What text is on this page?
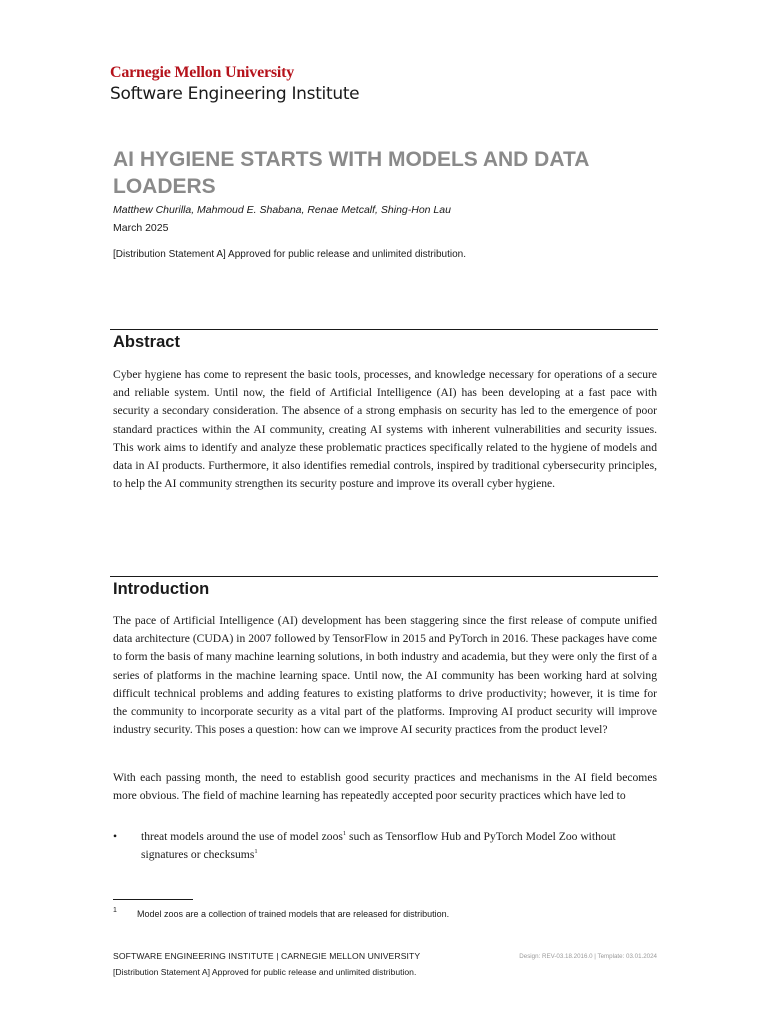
Carnegie Mellon University
Software Engineering Institute
AI HYGIENE STARTS WITH MODELS AND DATA LOADERS
Matthew Churilla, Mahmoud E. Shabana, Renae Metcalf, Shing-Hon Lau
March 2025
[Distribution Statement A] Approved for public release and unlimited distribution.
Abstract

Cyber hygiene has come to represent the basic tools, processes, and knowledge necessary for operations of a secure and reliable system. Until now, the field of Artificial Intelligence (AI) has been developing at a fast pace with security a secondary consideration. The absence of a strong emphasis on security has led to the emergence of poor standard practices within the AI community, creating AI systems with inherent vulnerabilities and security issues. This work aims to identify and analyze these problematic practices specifically related to the hygiene of models and data in AI products. Furthermore, it also identifies remedial controls, inspired by traditional cybersecurity principles, to help the AI community strengthen its security posture and improve its overall cyber hygiene.

Introduction

The pace of Artificial Intelligence (AI) development has been staggering since the first release of compute unified data architecture (CUDA) in 2007 followed by TensorFlow in 2015 and PyTorch in 2016. These packages have come to form the basis of many machine learning solutions, in both industry and academia, but they were only the first of a series of platforms in the machine learning space. Until now, the AI community has been working hard at solving difficult technical problems and adding features to existing platforms to drive productivity; however, it is time for the community to incorporate security as a vital part of the platforms. Improving AI product security will improve industry security. This poses a question: how can we improve AI security practices from the product level?

With each passing month, the need to establish good security practices and mechanisms in the AI field becomes more obvious. The field of machine learning has repeatedly accepted poor security practices which have led to

• threat models around the use of model zoos$^1$ such as Tensorflow Hub and PyTorch Model Zoo without signatures or checksums$^1$
1 Model zoos are a collection of trained models that are released for distribution.
SOFTWARE ENGINEERING INSTITUTE | CARNEGIE MELLON UNIVERSITY	Design: REV-03.18.2016.0 | Template: 03.01.2024
[Distribution Statement A] Approved for public release and unlimited distribution.
